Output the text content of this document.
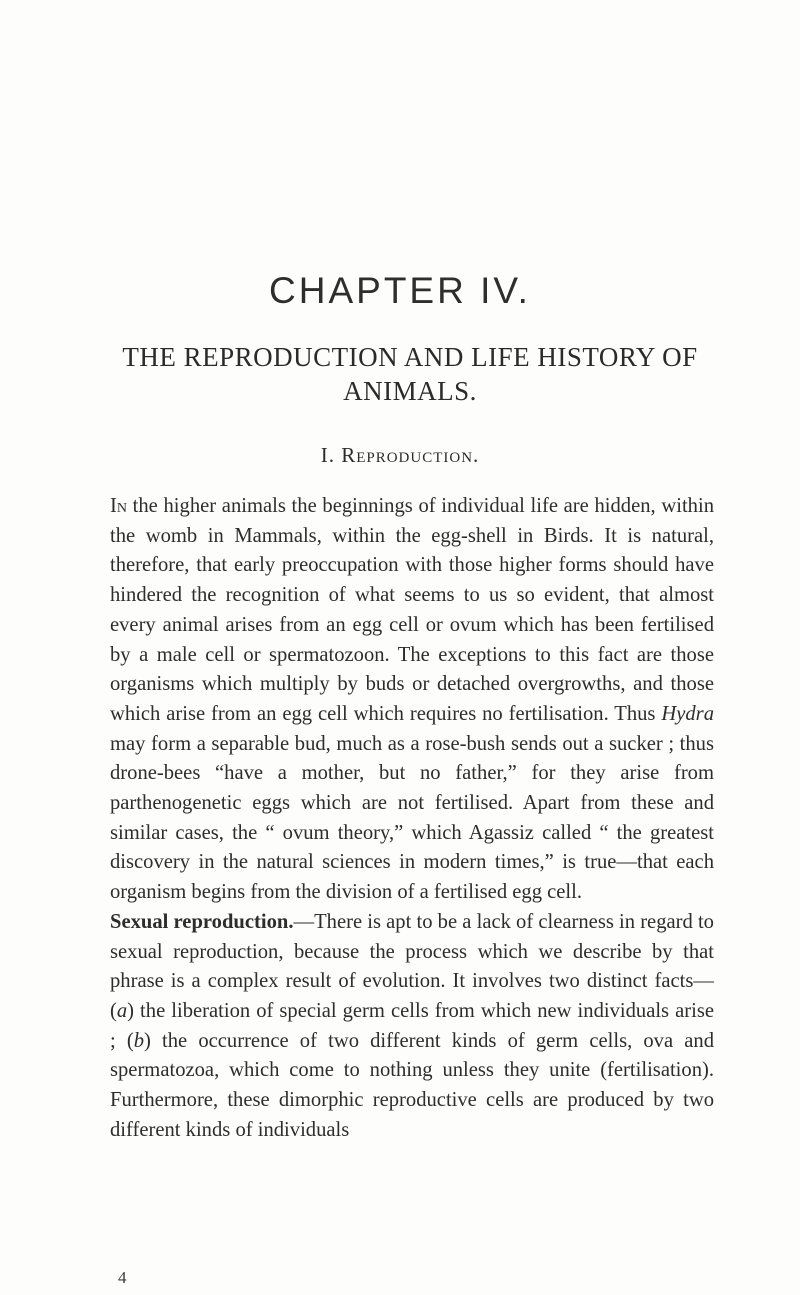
CHAPTER IV.
THE REPRODUCTION AND LIFE HISTORY OF
ANIMALS.
I. Reproduction.

In the higher animals the beginnings of individual life are hidden, within the womb in Mammals, within the egg-shell in Birds. It is natural, therefore, that early preoccupation with those higher forms should have hindered the recognition of what seems to us so evident, that almost every animal arises from an egg cell or ovum which has been fertilised by a male cell or spermatozoon. The exceptions to this fact are those organisms which multiply by buds or detached overgrowths, and those which arise from an egg cell which requires no fertilisation. Thus Hydra may form a separable bud, much as a rose-bush sends out a sucker ; thus drone-bees “have a mother, but no father,” for they arise from parthenogenetic eggs which are not fertilised. Apart from these and similar cases, the “ ovum theory,” which Agassiz called “ the greatest discovery in the natural sciences in modern times,” is true—that each organism begins from the division of a fertilised egg cell.

Sexual reproduction.—There is apt to be a lack of clearness in regard to sexual reproduction, because the process which we describe by that phrase is a complex result of evolution. It involves two distinct facts—(a) the liberation of special germ cells from which new individuals arise ; (b) the occurrence of two different kinds of germ cells, ova and spermatozoa, which come to nothing unless they unite (fertilisation). Furthermore, these dimorphic reproductive cells are produced by two different kinds of individuals

4
